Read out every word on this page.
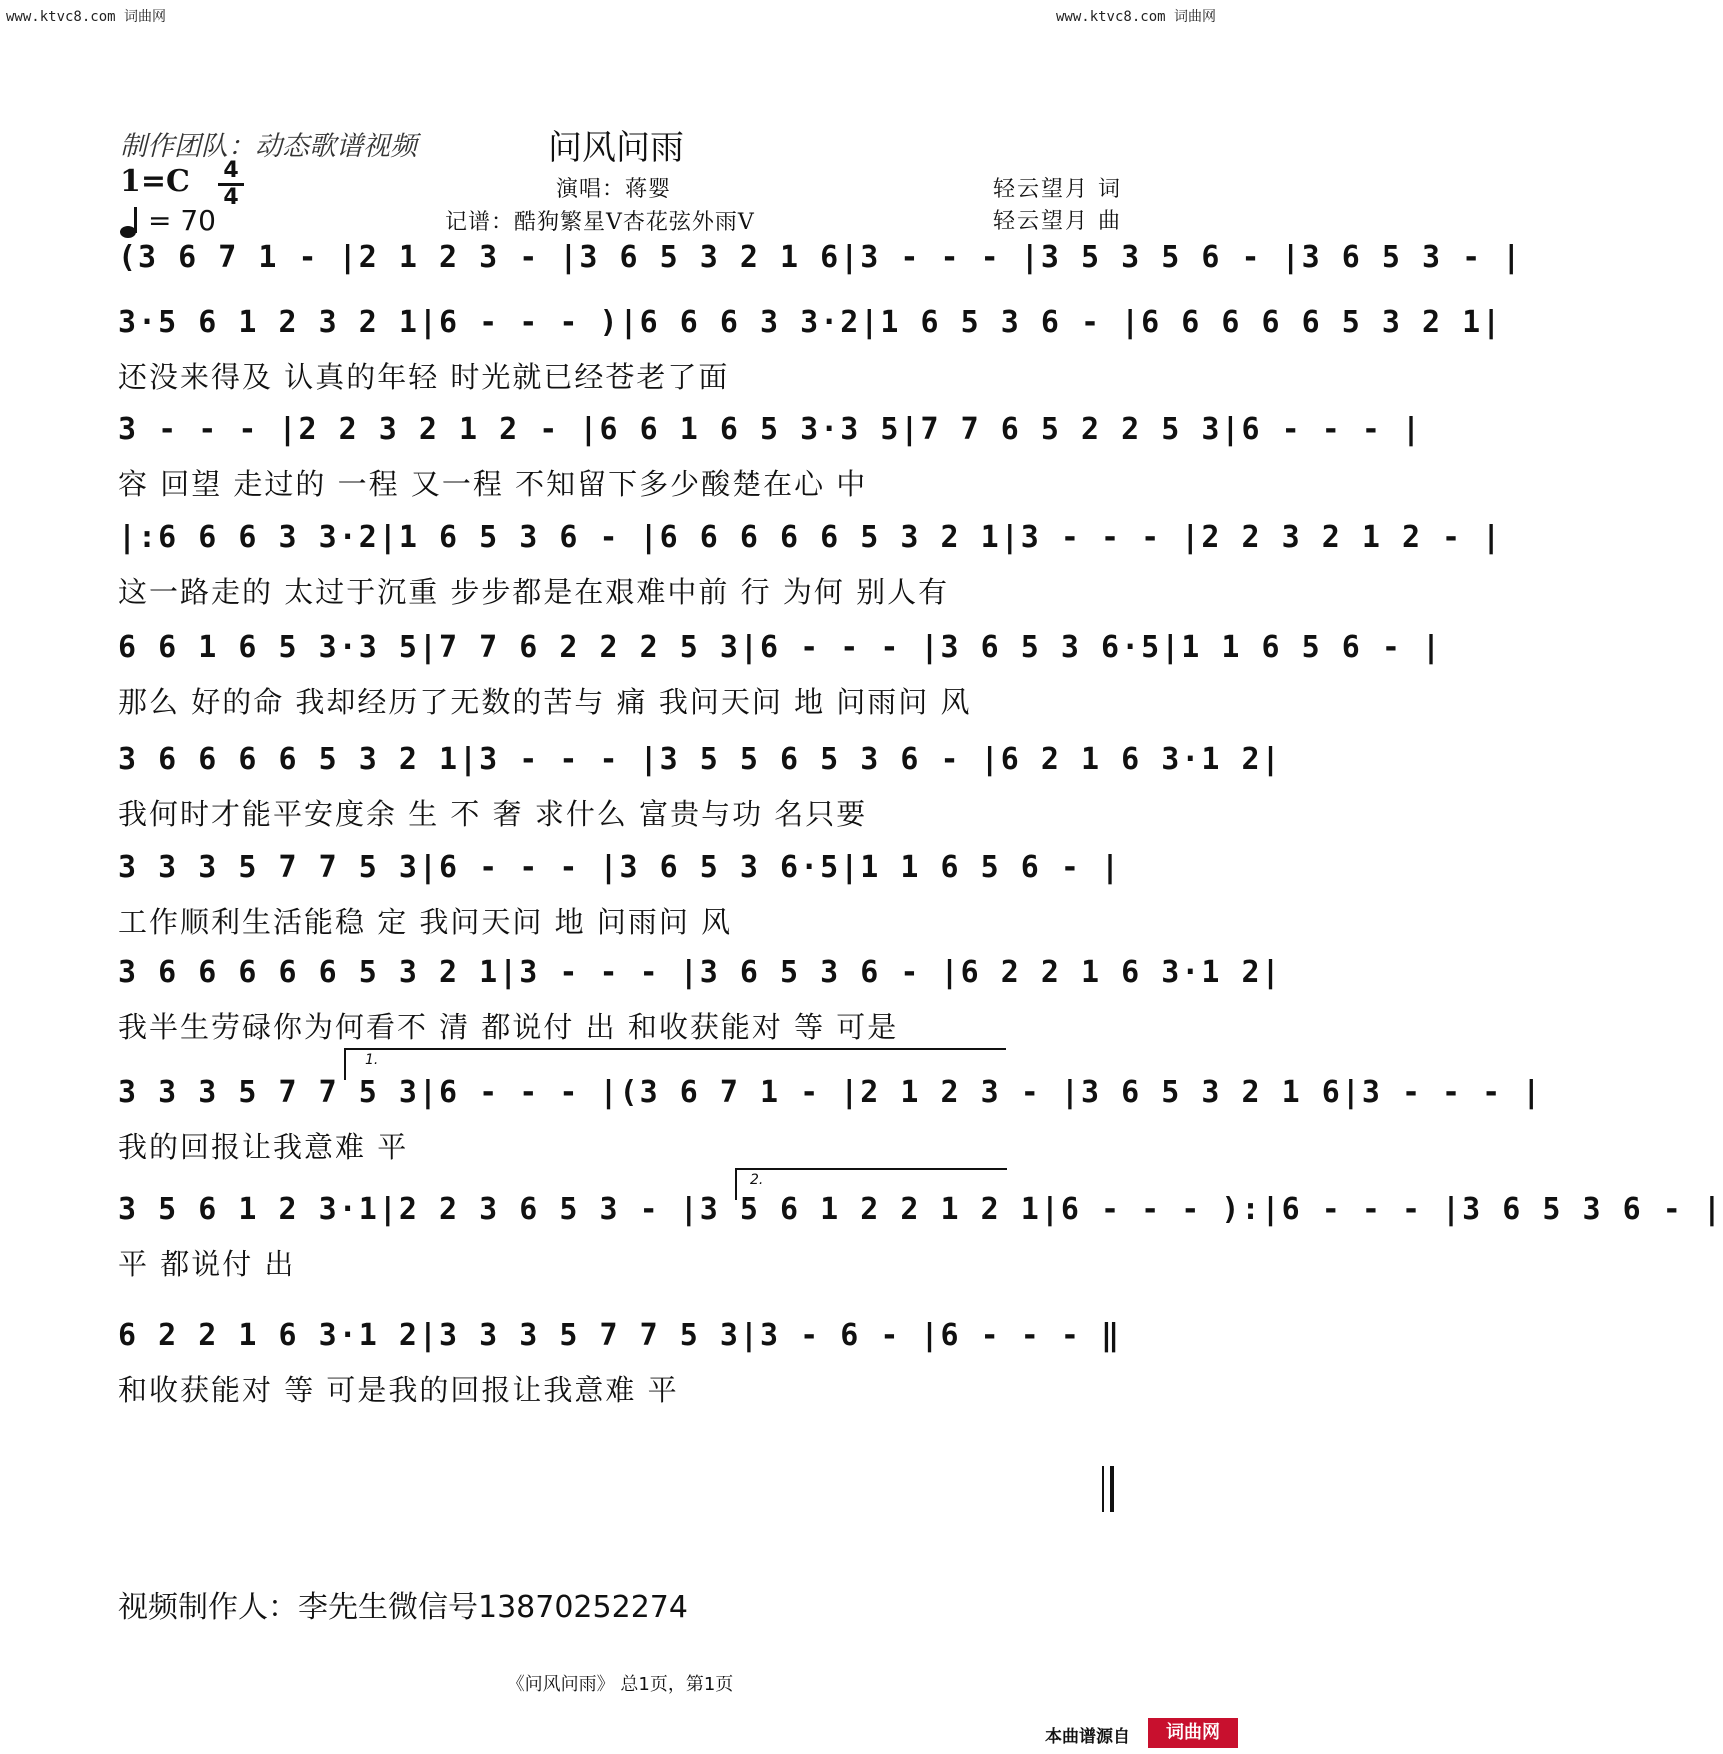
www.ktvc8.com 词曲网	www.ktvc8.com 词曲网
制作团队：动态歌谱视频	问风问雨
演唱：蒋婴
记谱：酷狗繁星V杏花弦外雨V
轻云望月 词
轻云望月 曲
1=C 4
4
= 70
(3 6 7 1 - |2 1 2 3 - |3 6 5 3 2 1 6|3 - - - |3 5 3 5 6 - |3 6 5 3 - |
3·5 6 1 2 3 2 1|6 - - - )|6 6 6 3 3·2|1 6 5 3 6 - |6 6 6 6 6 5 3 2 1|
还没来得及 认真的年轻 时光就已经苍老了面
3 - - - |2 2 3 2 1 2 - |6 6 1 6 5 3·3 5|7 7 6 5 2 2 5 3|6 - - - |
容 回望 走过的 一程 又一程 不知留下多少酸楚在心 中
|:6 6 6 3 3·2|1 6 5 3 6 - |6 6 6 6 6 5 3 2 1|3 - - - |2 2 3 2 1 2 - |
这一路走的 太过于沉重 步步都是在艰难中前 行 为何 别人有
6 6 1 6 5 3·3 5|7 7 6 2 2 2 5 3|6 - - - |3 6 5 3 6·5|1 1 6 5 6 - |
那么 好的命 我却经历了无数的苦与 痛 我问天问 地 问雨问 风
3 6 6 6 6 5 3 2 1|3 - - - |3 5 5 6 5 3 6 - |6 2 1 6 3·1 2|
我何时才能平安度余 生 不 奢 求什么 富贵与功 名只要
3 3 3 5 7 7 5 3|6 - - - |3 6 5 3 6·5|1 1 6 5 6 - |
工作顺利生活能稳 定 我问天问 地 问雨问 风
3 6 6 6 6 6 5 3 2 1|3 - - - |3 6 5 3 6 - |6 2 2 1 6 3·1 2|
我半生劳碌你为何看不 清 都说付 出 和收获能对 等 可是
3 3 3 5 7 7 5 3|6 - - - |(3 6 7 1 - |2 1 2 3 - |3 6 5 3 2 1 6|3 - - - |
我的回报让我意难 平
3 5 6 1 2 3·1|2 2 3 6 5 3 - |3 5 6 1 2 2 1 2 1|6 - - - ):|6 - - - |3 6 5 3 6 - |
平 都说付 出
6 2 2 1 6 3·1 2|3 3 3 5 7 7 5 3|3 - 6 - |6 - - - ‖
和收获能对 等 可是我的回报让我意难 平
1.
2.
视频制作人：李先生微信号13870252274
《问风问雨》 总1页，第1页
本曲谱源自	词曲网
